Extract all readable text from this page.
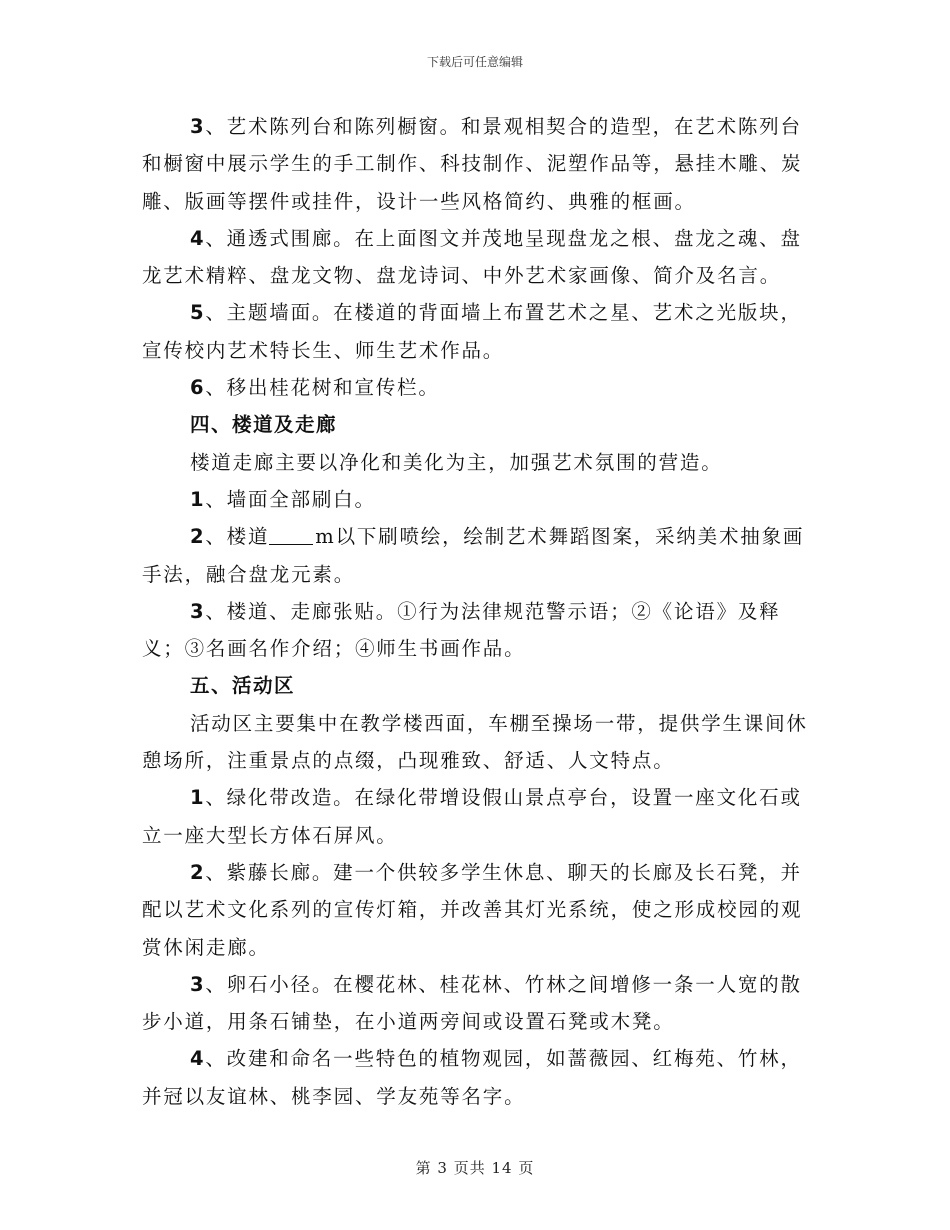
下载后可任意编辑

3、艺术陈列台和陈列橱窗。和景观相契合的造型，在艺术陈列台和橱窗中展示学生的手工制作、科技制作、泥塑作品等，悬挂木雕、炭雕、版画等摆件或挂件，设计一些风格简约、典雅的框画。

4、通透式围廊。在上面图文并茂地呈现盘龙之根、盘龙之魂、盘龙艺术精粹、盘龙文物、盘龙诗词、中外艺术家画像、简介及名言。

5、主题墙面。在楼道的背面墙上布置艺术之星、艺术之光版块，宣传校内艺术特长生、师生艺术作品。

6、移出桂花树和宣传栏。

四、楼道及走廊

楼道走廊主要以净化和美化为主，加强艺术氛围的营造。

1、墙面全部刷白。

2、楼道 m以下刷喷绘，绘制艺术舞蹈图案，采纳美术抽象画手法，融合盘龙元素。

3、楼道、走廊张贴。①行为法律规范警示语；②《论语》及释义；③名画名作介绍；④师生书画作品。

五、活动区

活动区主要集中在教学楼西面，车棚至操场一带，提供学生课间休憩场所，注重景点的点缀，凸现雅致、舒适、人文特点。

1、绿化带改造。在绿化带增设假山景点亭台，设置一座文化石或立一座大型长方体石屏风。

2、紫藤长廊。建一个供较多学生休息、聊天的长廊及长石凳，并配以艺术文化系列的宣传灯箱，并改善其灯光系统，使之形成校园的观赏休闲走廊。

3、卵石小径。在樱花林、桂花林、竹林之间增修一条一人宽的散步小道，用条石铺垫，在小道两旁间或设置石凳或木凳。

4、改建和命名一些特色的植物观园，如蔷薇园、红梅苑、竹林，并冠以友谊林、桃李园、学友苑等名字。

第 3 页共 14 页
